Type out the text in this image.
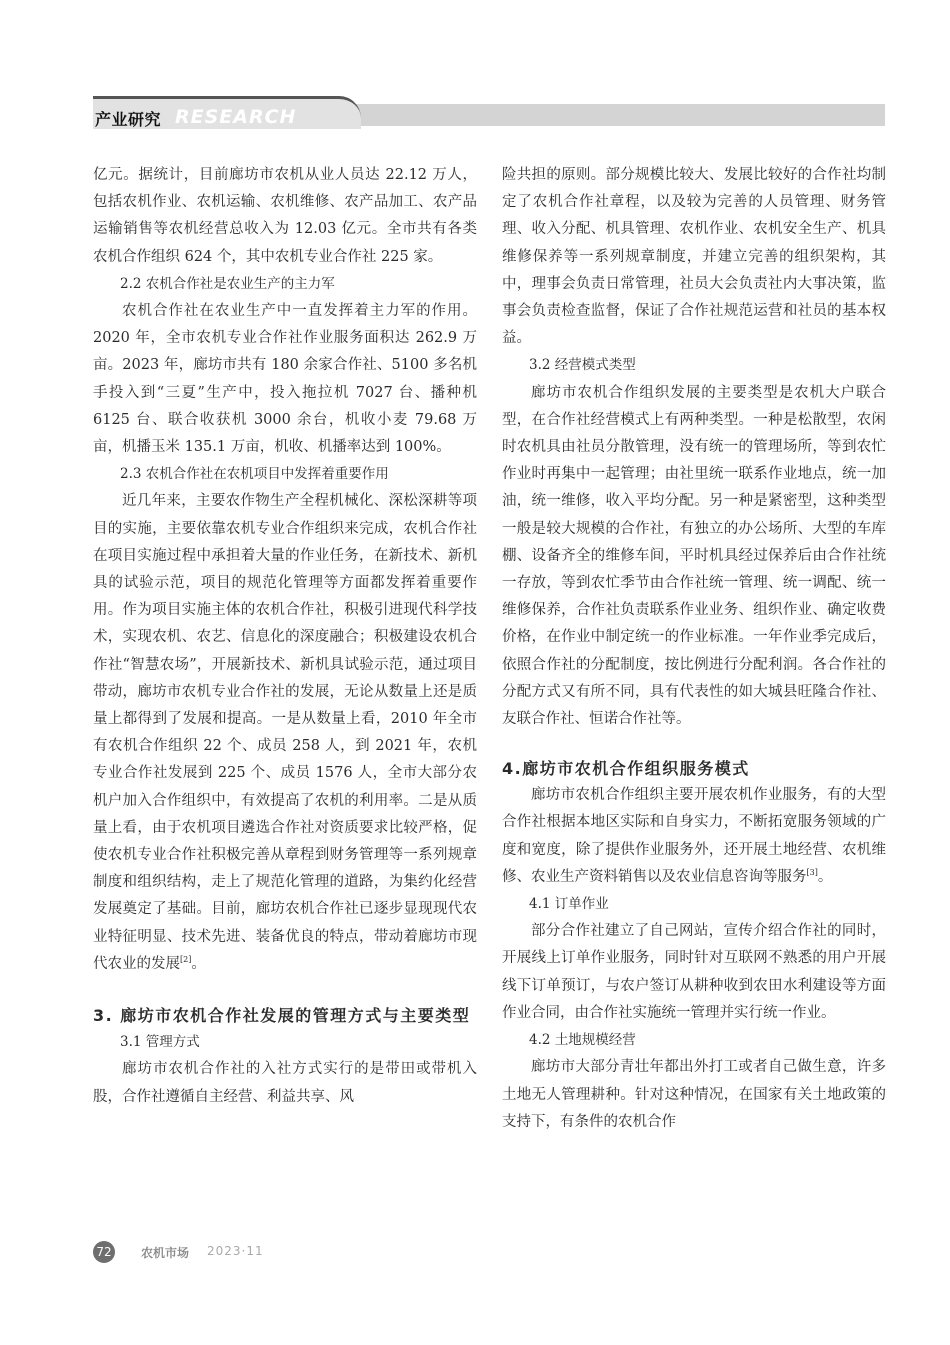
产业研究 RESEARCH

亿元。据统计，目前廊坊市农机从业人员达 22.12 万人，包括农机作业、农机运输、农机维修、农产品加工、农产品运输销售等农机经营总收入为 12.03 亿元。全市共有各类农机合作组织 624 个，其中农机专业合作社 225 家。

2.2 农机合作社是农业生产的主力军

农机合作社在农业生产中一直发挥着主力军的作用。2020 年，全市农机专业合作社作业服务面积达 262.9 万亩。2023 年，廊坊市共有 180 余家合作社、5100 多名机手投入到“三夏”生产中，投入拖拉机 7027 台、播种机 6125 台、联合收获机 3000 余台，机收小麦 79.68 万亩，机播玉米 135.1 万亩，机收、机播率达到 100%。

2.3 农机合作社在农机项目中发挥着重要作用

近几年来，主要农作物生产全程机械化、深松深耕等项目的实施，主要依靠农机专业合作组织来完成，农机合作社在项目实施过程中承担着大量的作业任务，在新技术、新机具的试验示范，项目的规范化管理等方面都发挥着重要作用。作为项目实施主体的农机合作社，积极引进现代科学技术，实现农机、农艺、信息化的深度融合；积极建设农机合作社“智慧农场”，开展新技术、新机具试验示范，通过项目带动，廊坊市农机专业合作社的发展，无论从数量上还是质量上都得到了发展和提高。一是从数量上看，2010 年全市有农机合作组织 22 个、成员 258 人，到 2021 年，农机专业合作社发展到 225 个、成员 1576 人，全市大部分农机户加入合作组织中，有效提高了农机的利用率。二是从质量上看，由于农机项目遴选合作社对资质要求比较严格，促使农机专业合作社积极完善从章程到财务管理等一系列规章制度和组织结构，走上了规范化管理的道路，为集约化经营发展奠定了基础。目前，廊坊农机合作社已逐步显现现代农业特征明显、技术先进、装备优良的特点，带动着廊坊市现代农业的发展[2]。

3. 廊坊市农机合作社发展的管理方式与主要类型

3.1 管理方式

廊坊市农机合作社的入社方式实行的是带田或带机入股，合作社遵循自主经营、利益共享、风

险共担的原则。部分规模比较大、发展比较好的合作社均制定了农机合作社章程，以及较为完善的人员管理、财务管理、收入分配、机具管理、农机作业、农机安全生产、机具维修保养等一系列规章制度，并建立完善的组织架构，其中，理事会负责日常管理，社员大会负责社内大事决策，监事会负责检查监督，保证了合作社规范运营和社员的基本权益。

3.2 经营模式类型

廊坊市农机合作组织发展的主要类型是农机大户联合型，在合作社经营模式上有两种类型。一种是松散型，农闲时农机具由社员分散管理，没有统一的管理场所，等到农忙作业时再集中一起管理；由社里统一联系作业地点，统一加油，统一维修，收入平均分配。另一种是紧密型，这种类型一般是较大规模的合作社，有独立的办公场所、大型的车库棚、设备齐全的维修车间，平时机具经过保养后由合作社统一存放，等到农忙季节由合作社统一管理、统一调配、统一维修保养，合作社负责联系作业业务、组织作业、确定收费价格，在作业中制定统一的作业标准。一年作业季完成后，依照合作社的分配制度，按比例进行分配利润。各合作社的分配方式又有所不同，具有代表性的如大城县旺隆合作社、友联合作社、恒诺合作社等。

4.廊坊市农机合作组织服务模式

廊坊市农机合作组织主要开展农机作业服务，有的大型合作社根据本地区实际和自身实力，不断拓宽服务领域的广度和宽度，除了提供作业服务外，还开展土地经营、农机维修、农业生产资料销售以及农业信息咨询等服务[3]。

4.1 订单作业

部分合作社建立了自己网站，宣传介绍合作社的同时，开展线上订单作业服务，同时针对互联网不熟悉的用户开展线下订单预订，与农户签订从耕种收到农田水利建设等方面作业合同，由合作社实施统一管理并实行统一作业。

4.2 土地规模经营

廊坊市大部分青壮年都出外打工或者自己做生意，许多土地无人管理耕种。针对这种情况，在国家有关土地政策的支持下，有条件的农机合作

72 农机市场 2023·11
